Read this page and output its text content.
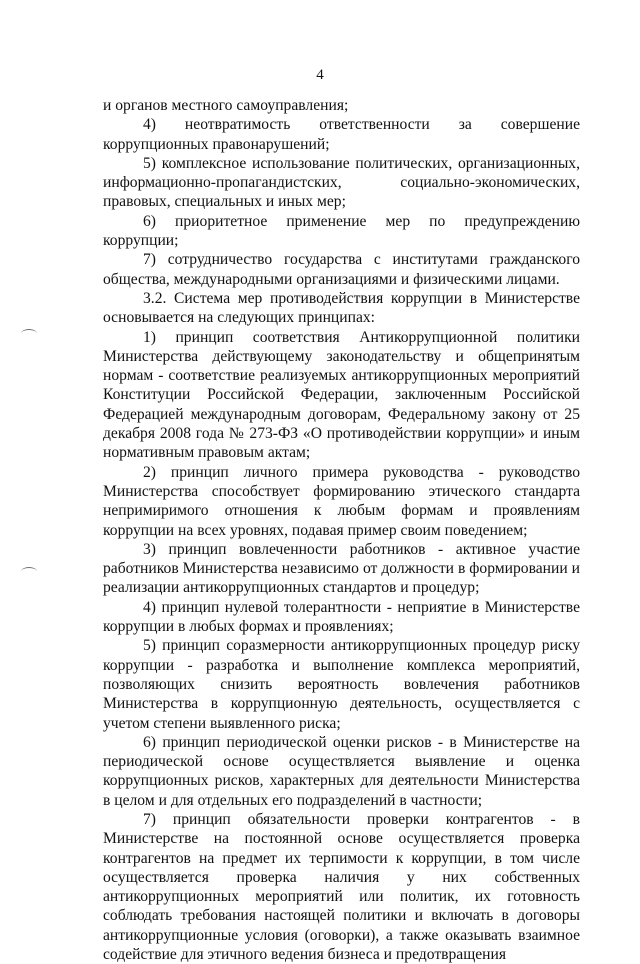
4

и органов местного самоуправления;

4) неотвратимость ответственности за совершение коррупционных правонарушений;

5) комплексное использование политических, организационных, информационно-пропагандистских, социально-экономических, правовых, специальных и иных мер;

6) приоритетное применение мер по предупреждению коррупции;

7) сотрудничество государства с институтами гражданского общества, международными организациями и физическими лицами.

3.2. Система мер противодействия коррупции в Министерстве основывается на следующих принципах:

1) принцип соответствия Антикоррупционной политики Министерства действующему законодательству и общепринятым нормам - соответствие реализуемых антикоррупционных мероприятий Конституции Российской Федерации, заключенным Российской Федерацией международным договорам, Федеральному закону от 25 декабря 2008 года № 273-ФЗ «О противодействии коррупции» и иным нормативным правовым актам;

2) принцип личного примера руководства - руководство Министерства способствует формированию этического стандарта непримиримого отношения к любым формам и проявлениям коррупции на всех уровнях, подавая пример своим поведением;

3) принцип вовлеченности работников - активное участие работников Министерства независимо от должности в формировании и реализации антикоррупционных стандартов и процедур;

4) принцип нулевой толерантности - неприятие в Министерстве коррупции в любых формах и проявлениях;

5) принцип соразмерности антикоррупционных процедур риску коррупции - разработка и выполнение комплекса мероприятий, позволяющих снизить вероятность вовлечения работников Министерства в коррупционную деятельность, осуществляется с учетом степени выявленного риска;

6) принцип периодической оценки рисков - в Министерстве на периодической основе осуществляется выявление и оценка коррупционных рисков, характерных для деятельности Министерства в целом и для отдельных его подразделений в частности;

7) принцип обязательности проверки контрагентов - в Министерстве на постоянной основе осуществляется проверка контрагентов на предмет их терпимости к коррупции, в том числе осуществляется проверка наличия у них собственных антикоррупционных мероприятий или политик, их готовность соблюдать требования настоящей политики и включать в договоры антикоррупционные условия (оговорки), а также оказывать взаимное содействие для этичного ведения бизнеса и предотвращения
